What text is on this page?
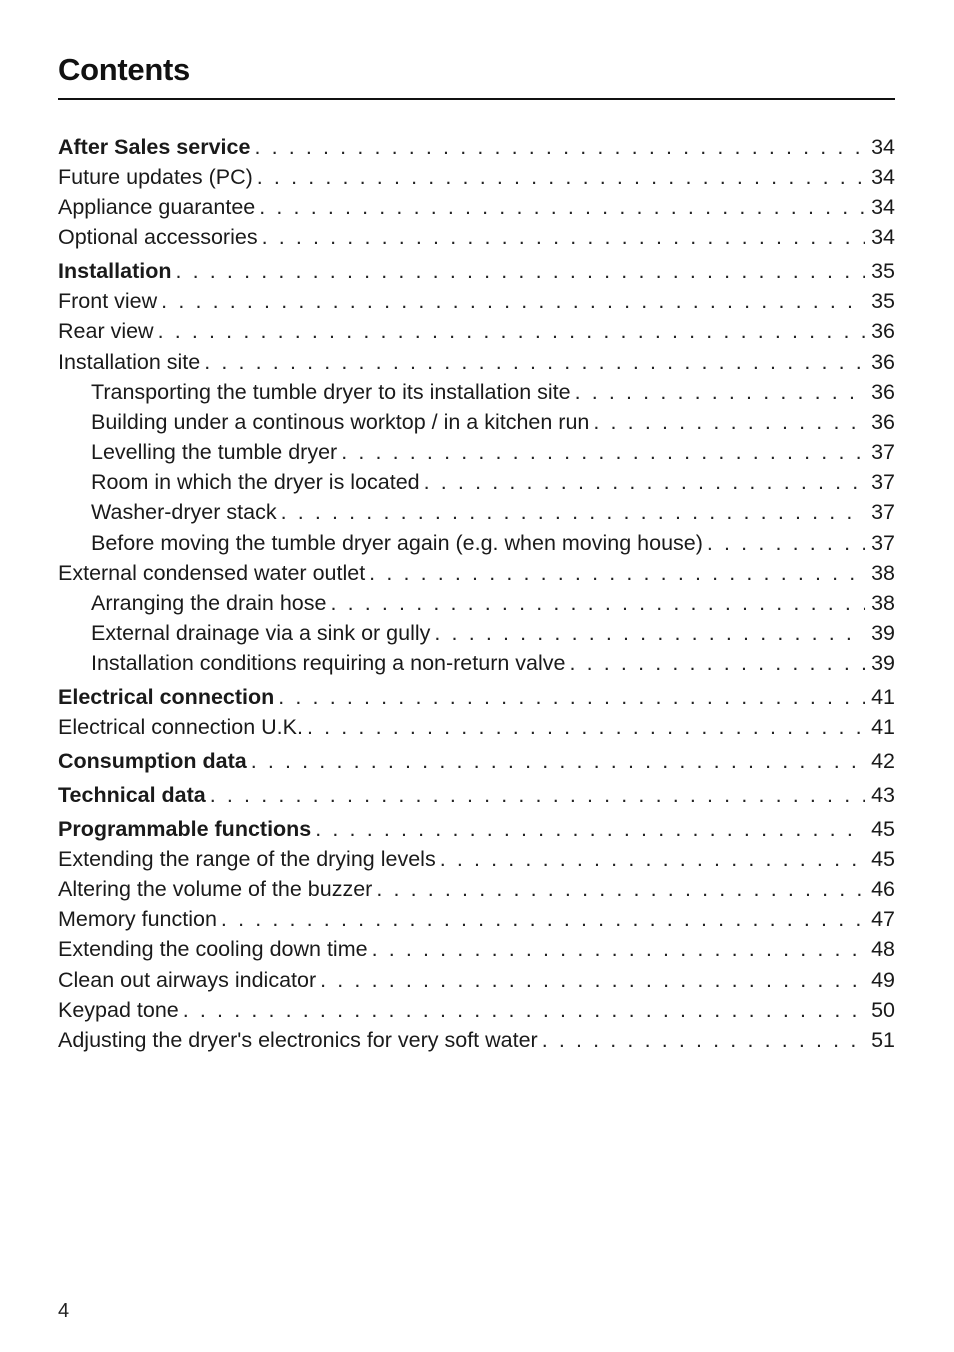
Contents
After Sales service . . .	34
Future updates (PC) . . .	34
Appliance guarantee . . .	34
Optional accessories . . .	34
Installation . . .	35
Front view . . .	35
Rear view . . .	36
Installation site . . .	36
Transporting the tumble dryer to its installation site . . .	36
Building under a continous worktop / in a kitchen run . . .	36
Levelling the tumble dryer . . .	37
Room in which the dryer is located . . .	37
Washer-dryer stack . . .	37
Before moving the tumble dryer again (e.g. when moving house) . . .	37
External condensed water outlet . . .	38
Arranging the drain hose . . .	38
External drainage via a sink or gully . . .	39
Installation conditions requiring a non-return valve . . .	39
Electrical connection . . .	41
Electrical connection U.K. . . .	41
Consumption data . . .	42
Technical data . . .	43
Programmable functions . . .	45
Extending the range of the drying levels . . .	45
Altering the volume of the buzzer . . .	46
Memory function . . .	47
Extending the cooling down time . . .	48
Clean out airways indicator . . .	49
Keypad tone . . .	50
Adjusting the dryer's electronics for very soft water . . .	51
4
